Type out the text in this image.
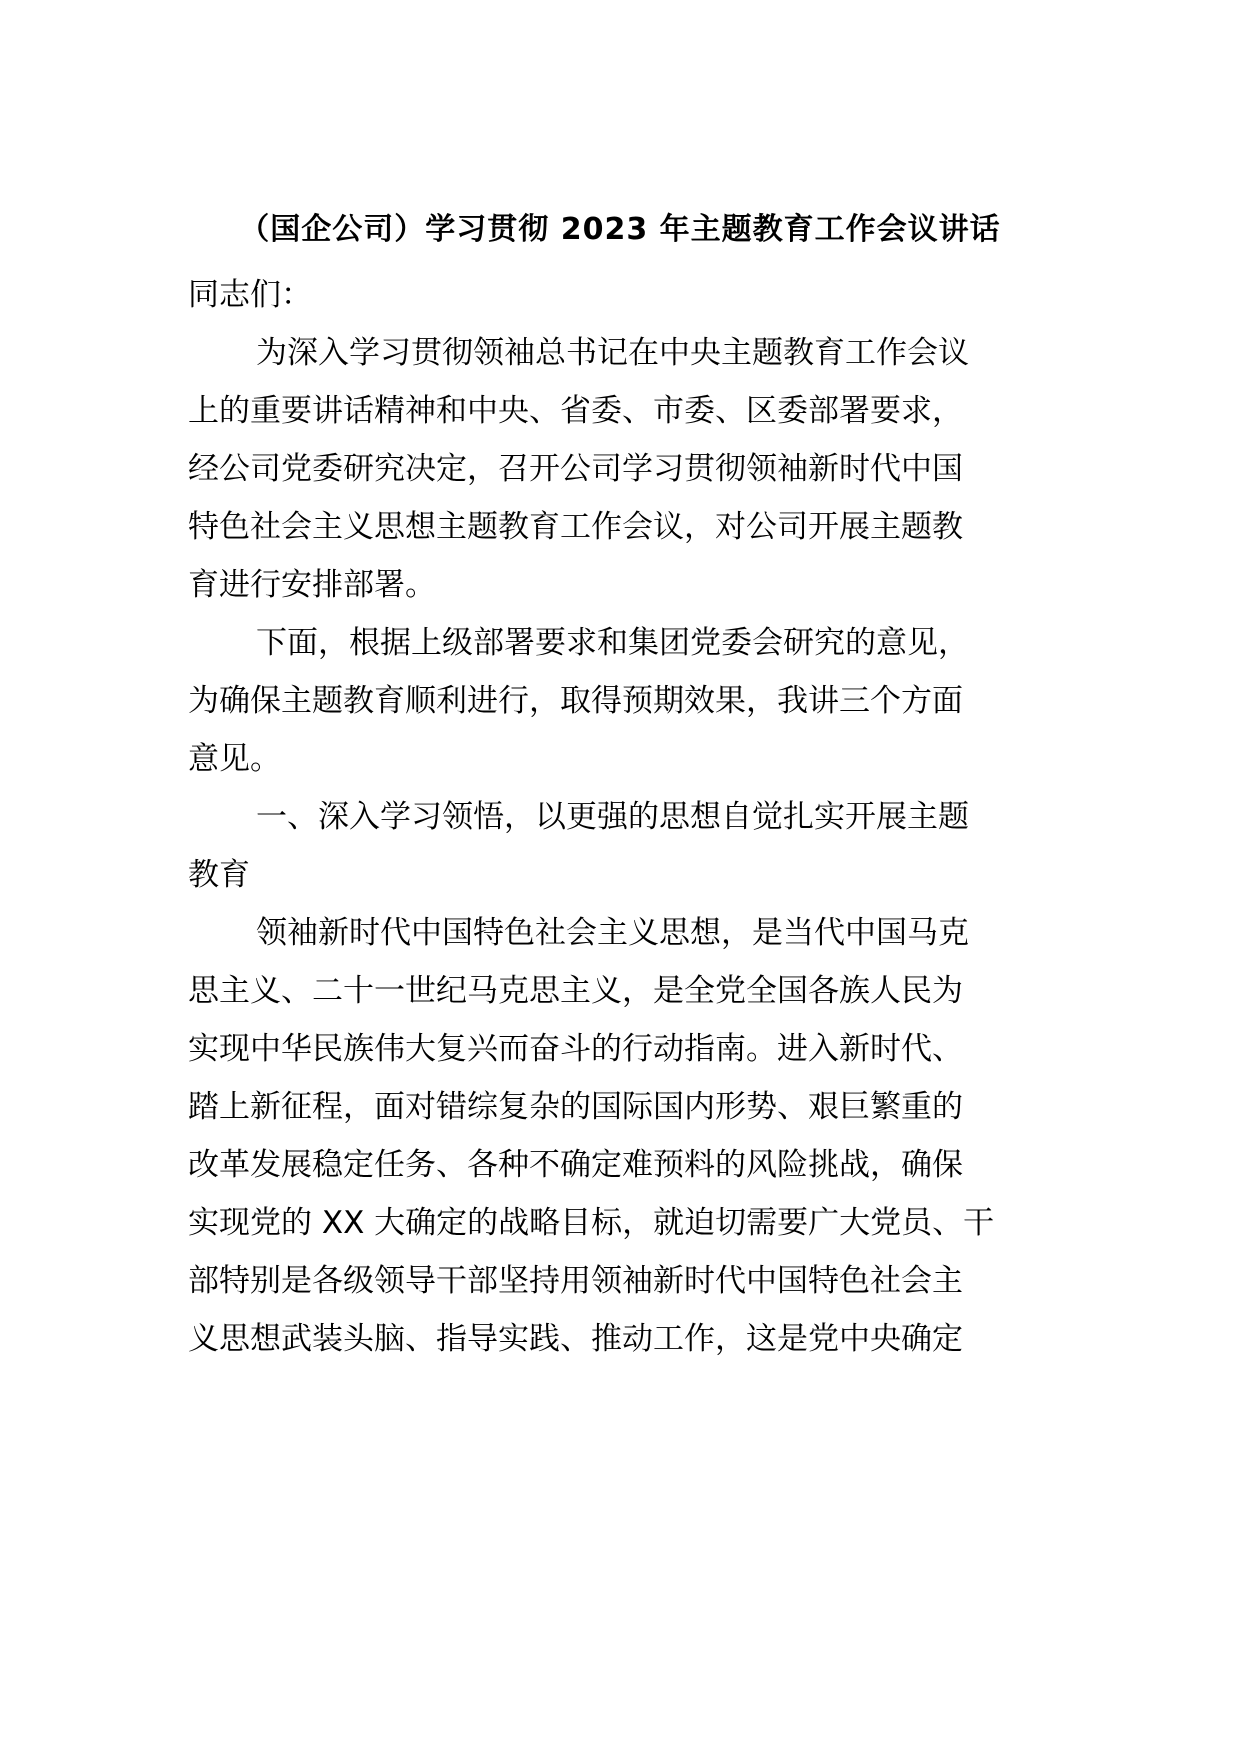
（国企公司）学习贯彻 2023 年主题教育工作会议讲话
同志们：
为深入学习贯彻领袖总书记在中央主题教育工作会议
上的重要讲话精神和中央、省委、市委、区委部署要求，
经公司党委研究决定，召开公司学习贯彻领袖新时代中国
特色社会主义思想主题教育工作会议，对公司开展主题教
育进行安排部署。
下面，根据上级部署要求和集团党委会研究的意见，
为确保主题教育顺利进行，取得预期效果，我讲三个方面
意见。
一、深入学习领悟，以更强的思想自觉扎实开展主题
教育
领袖新时代中国特色社会主义思想，是当代中国马克
思主义、二十一世纪马克思主义，是全党全国各族人民为
实现中华民族伟大复兴而奋斗的行动指南。进入新时代、
踏上新征程，面对错综复杂的国际国内形势、艰巨繁重的
改革发展稳定任务、各种不确定难预料的风险挑战，确保
实现党的 XX 大确定的战略目标，就迫切需要广大党员、干
部特别是各级领导干部坚持用领袖新时代中国特色社会主
义思想武装头脑、指导实践、推动工作，这是党中央确定
